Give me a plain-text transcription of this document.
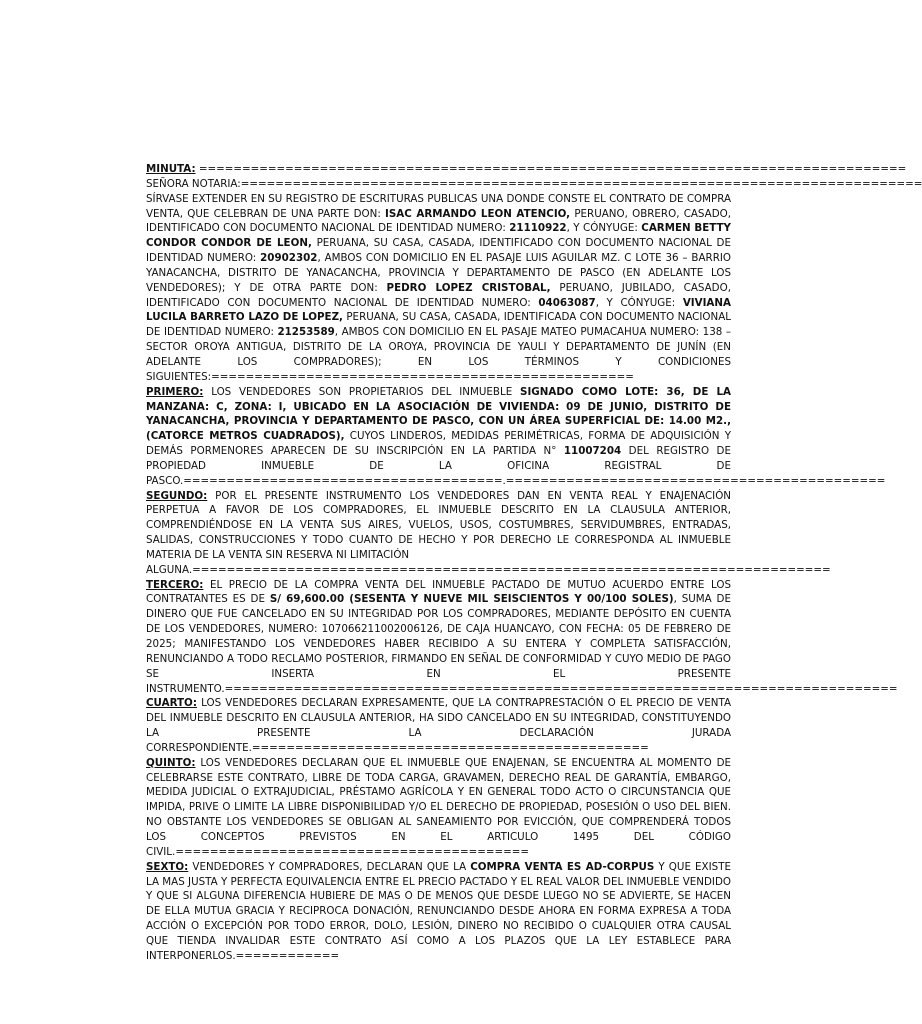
MINUTA: ==================================================================================

SEÑORA NOTARIA:===============================================================================

SÍRVASE EXTENDER EN SU REGISTRO DE ESCRITURAS PUBLICAS UNA DONDE CONSTE EL CONTRATO DE COMPRA VENTA, QUE CELEBRAN DE UNA PARTE DON: ISAC ARMANDO LEON ATENCIO, PERUANO, OBRERO, CASADO, IDENTIFICADO CON DOCUMENTO NACIONAL DE IDENTIDAD NUMERO: 21110922, Y CÓNYUGE: CARMEN BETTY CONDOR CONDOR DE LEON, PERUANA, SU CASA, CASADA, IDENTIFICADO CON DOCUMENTO NACIONAL DE IDENTIDAD NUMERO: 20902302, AMBOS CON DOMICILIO EN EL PASAJE LUIS AGUILAR MZ. C LOTE 36 – BARRIO YANACANCHA, DISTRITO DE YANACANCHA, PROVINCIA Y DEPARTAMENTO DE PASCO (EN ADELANTE LOS VENDEDORES); Y DE OTRA PARTE DON: PEDRO LOPEZ CRISTOBAL, PERUANO, JUBILADO, CASADO, IDENTIFICADO CON DOCUMENTO NACIONAL DE IDENTIDAD NUMERO: 04063087, Y CÓNYUGE: VIVIANA LUCILA BARRETO LAZO DE LOPEZ, PERUANA, SU CASA, CASADA, IDENTIFICADA CON DOCUMENTO NACIONAL DE IDENTIDAD NUMERO: 21253589, AMBOS CON DOMICILIO EN EL PASAJE MATEO PUMACAHUA NUMERO: 138 – SECTOR OROYA ANTIGUA, DISTRITO DE LA OROYA, PROVINCIA DE YAULI Y DEPARTAMENTO DE JUNÍN (EN ADELANTE LOS COMPRADORES); EN LOS TÉRMINOS Y CONDICIONES

SIGUIENTES:=================================================

PRIMERO: LOS VENDEDORES SON PROPIETARIOS DEL INMUEBLE SIGNADO COMO LOTE: 36, DE LA MANZANA: C, ZONA: I, UBICADO EN LA ASOCIACIÓN DE VIVIENDA: 09 DE JUNIO, DISTRITO DE YANACANCHA, PROVINCIA Y DEPARTAMENTO DE PASCO, CON UN ÁREA SUPERFICIAL DE: 14.00 M2., (CATORCE METROS CUADRADOS), CUYOS LINDEROS, MEDIDAS PERIMÉTRICAS, FORMA DE ADQUISICIÓN Y DEMÁS PORMENORES APARECEN DE SU INSCRIPCIÓN EN LA PARTIDA N° 11007204 DEL REGISTRO DE PROPIEDAD INMUEBLE DE LA OFICINA REGISTRAL DE PASCO.=====================================.============================================

SEGUNDO: POR EL PRESENTE INSTRUMENTO LOS VENDEDORES DAN EN VENTA REAL Y ENAJENACIÓN PERPETUA A FAVOR DE LOS COMPRADORES, EL INMUEBLE DESCRITO EN LA CLAUSULA ANTERIOR, COMPRENDIÉNDOSE EN LA VENTA SUS AIRES, VUELOS, USOS, COSTUMBRES, SERVIDUMBRES, ENTRADAS, SALIDAS, CONSTRUCCIONES Y TODO CUANTO DE HECHO Y POR DERECHO LE CORRESPONDA AL INMUEBLE MATERIA DE LA VENTA SIN RESERVA NI LIMITACIÓN

ALGUNA.==========================================================================

TERCERO: EL PRECIO DE LA COMPRA VENTA DEL INMUEBLE PACTADO DE MUTUO ACUERDO ENTRE LOS CONTRATANTES ES DE S/ 69,600.00 (SESENTA Y NUEVE MIL SEISCIENTOS Y 00/100 SOLES), SUMA DE DINERO QUE FUE CANCELADO EN SU INTEGRIDAD POR LOS COMPRADORES, MEDIANTE DEPÓSITO EN CUENTA DE LOS VENDEDORES, NUMERO: 107066211002006126, DE CAJA HUANCAYO, CON FECHA: 05 DE FEBRERO DE 2025; MANIFESTANDO LOS VENDEDORES HABER RECIBIDO A SU ENTERA Y COMPLETA SATISFACCIÓN, RENUNCIANDO A TODO RECLAMO POSTERIOR, FIRMANDO EN SEÑAL DE CONFORMIDAD Y CUYO MEDIO DE PAGO SE INSERTA EN EL PRESENTE INSTRUMENTO.==============================================================================

CUARTO: LOS VENDEDORES DECLARAN EXPRESAMENTE, QUE LA CONTRAPRESTACIÓN O EL PRECIO DE VENTA DEL INMUEBLE DESCRITO EN CLAUSULA ANTERIOR, HA SIDO CANCELADO EN SU INTEGRIDAD, CONSTITUYENDO LA PRESENTE LA DECLARACIÓN JURADA CORRESPONDIENTE.==============================================

QUINTO: LOS VENDEDORES DECLARAN QUE EL INMUEBLE QUE ENAJENAN, SE ENCUENTRA AL MOMENTO DE CELEBRARSE ESTE CONTRATO, LIBRE DE TODA CARGA, GRAVAMEN, DERECHO REAL DE GARANTÍA, EMBARGO, MEDIDA JUDICIAL O EXTRAJUDICIAL, PRÉSTAMO AGRÍCOLA Y EN GENERAL TODO ACTO O CIRCUNSTANCIA QUE IMPIDA, PRIVE O LIMITE LA LIBRE DISPONIBILIDAD Y/O EL DERECHO DE PROPIEDAD, POSESIÓN O USO DEL BIEN. NO OBSTANTE LOS VENDEDORES SE OBLIGAN AL SANEAMIENTO POR EVICCIÓN, QUE COMPRENDERÁ TODOS LOS CONCEPTOS PREVISTOS EN EL ARTICULO 1495 DEL CÓDIGO

CIVIL.=========================================

SEXTO: VENDEDORES Y COMPRADORES, DECLARAN QUE LA COMPRA VENTA ES AD-CORPUS Y QUE EXISTE LA MAS JUSTA Y PERFECTA EQUIVALENCIA ENTRE EL PRECIO PACTADO Y EL REAL VALOR DEL INMUEBLE VENDIDO Y QUE SI ALGUNA DIFERENCIA HUBIERE DE MAS O DE MENOS QUE DESDE LUEGO NO SE ADVIERTE, SE HACEN DE ELLA MUTUA GRACIA Y RECIPROCA DONACIÓN, RENUNCIANDO DESDE AHORA EN FORMA EXPRESA A TODA ACCIÓN O EXCEPCIÓN POR TODO ERROR, DOLO, LESIÓN, DINERO NO RECIBIDO O CUALQUIER OTRA CAUSAL QUE TIENDA INVALIDAR ESTE CONTRATO ASÍ COMO A LOS PLAZOS QUE LA LEY ESTABLECE PARA INTERPONERLOS.============
